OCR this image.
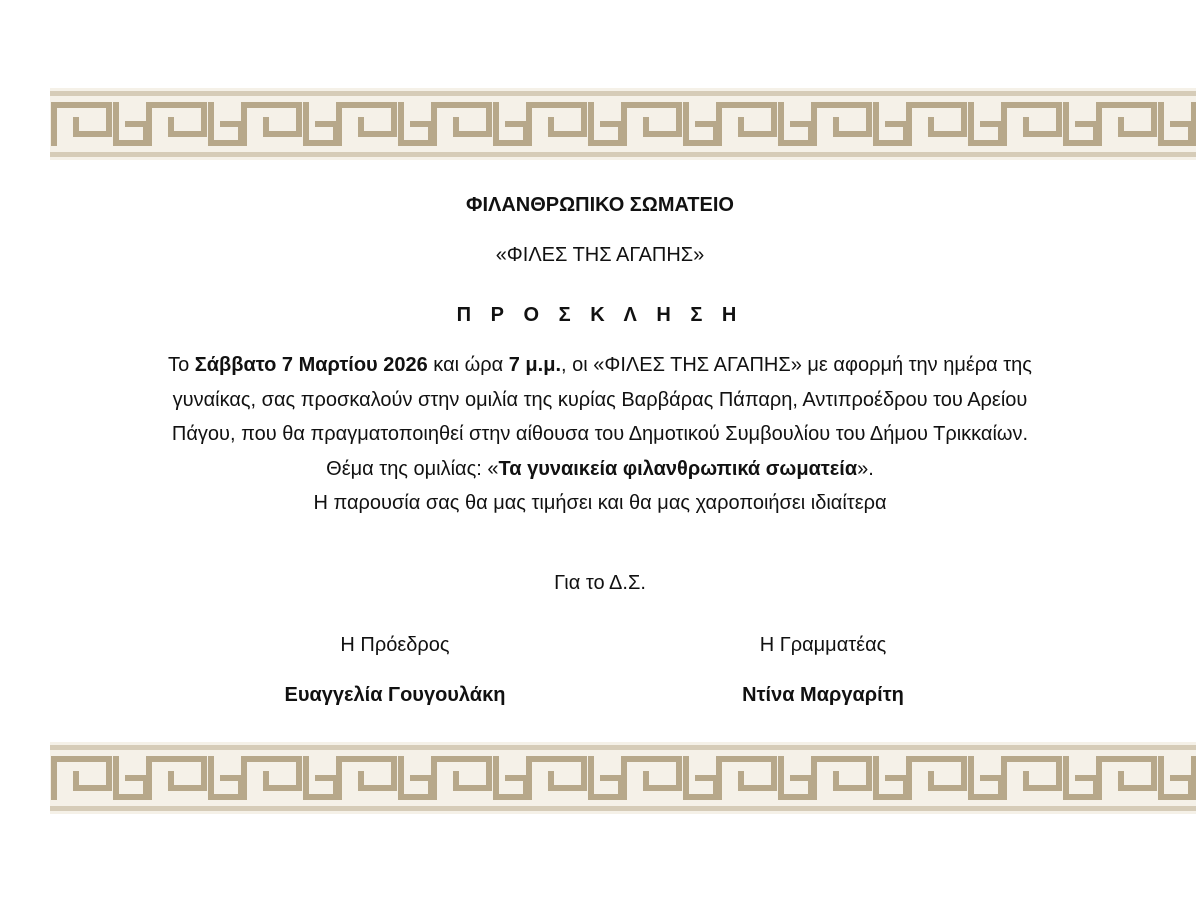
ΦΙΛΑΝΘΡΩΠΙΚΟ ΣΩΜΑΤΕΙΟ
«ΦΙΛΕΣ ΤΗΣ ΑΓΑΠΗΣ»
Π Ρ Ο Σ Κ Λ Η Σ Η

Το Σάββατο 7 Μαρτίου 2026 και ώρα 7 μ.μ., οι «ΦΙΛΕΣ ΤΗΣ ΑΓΑΠΗΣ» με αφορμή την ημέρα της

γυναίκας, σας προσκαλούν στην ομιλία της κυρίας Βαρβάρας Πάπαρη, Αντιπροέδρου του Αρείου

Πάγου, που θα πραγματοποιηθεί στην αίθουσα του Δημοτικού Συμβουλίου του Δήμου Τρικκαίων.

Θέμα της ομιλίας: «Τα γυναικεία φιλανθρωπικά σωματεία».

Η παρουσία σας θα μας τιμήσει και θα μας χαροποιήσει ιδιαίτερα

Για το Δ.Σ.
Η Πρόεδρος
Ευαγγελία Γουγουλάκη
Η Γραμματέας
Ντίνα Μαργαρίτη
